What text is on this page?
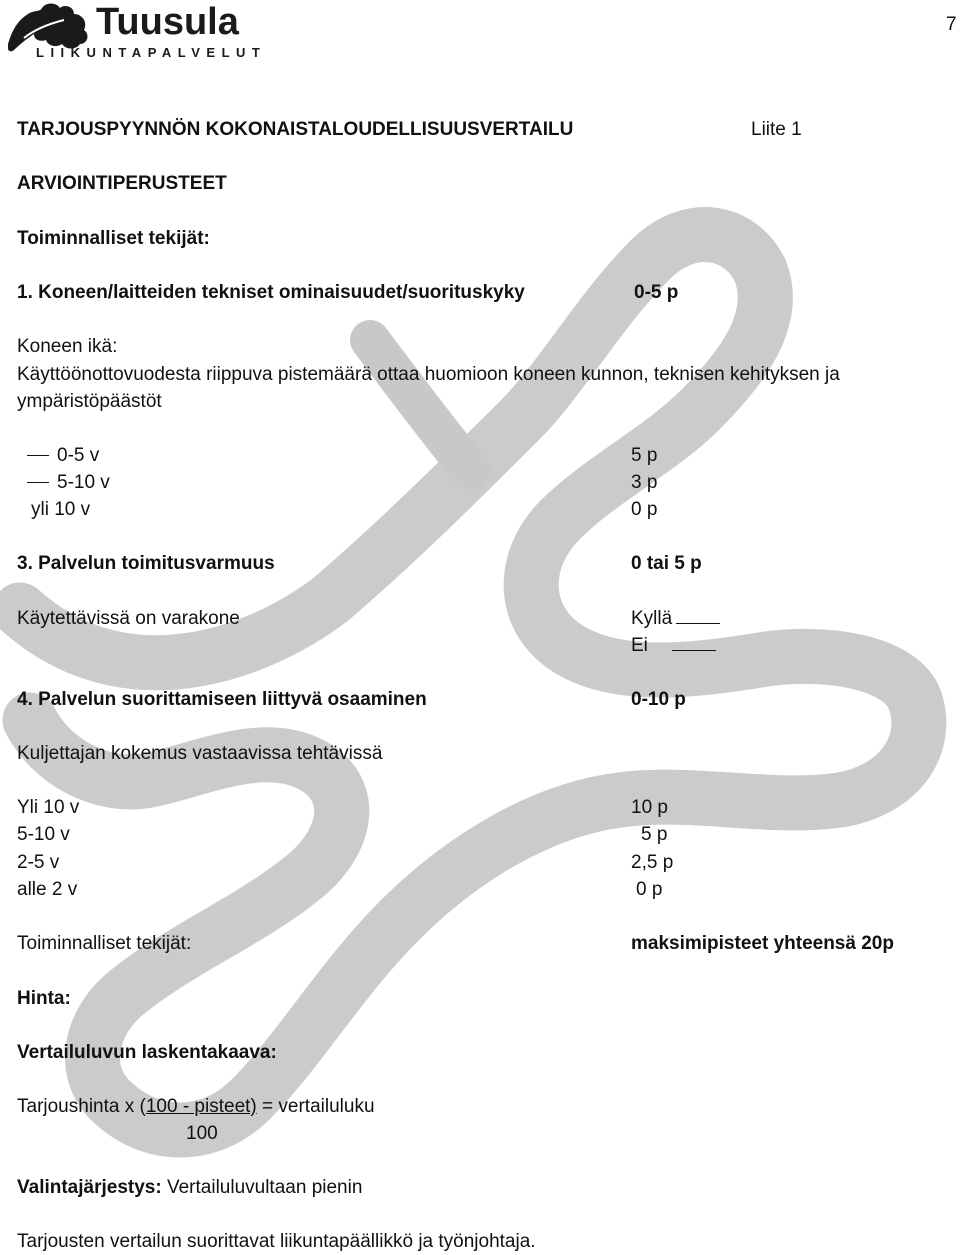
Tuusula
LIIKUNTAPALVELUT
7
TARJOUSPYYNNÖN KOKONAISTALOUDELLISUUSVERTAILU	Liite 1
ARVIOINTIPERUSTEET
Toiminnalliset tekijät:
1. Koneen/laitteiden tekniset ominaisuudet/suorituskyky	0-5 p
Koneen ikä:
Käyttöönottovuodesta riippuva pistemäärä ottaa huomioon koneen kunnon, teknisen kehityksen ja
ympäristöpäästöt
0-5 v	5 p
5-10 v	3 p
yli 10 v	0 p
3. Palvelun toimitusvarmuus	0 tai 5 p
Käytettävissä on varakone	Kyllä
Ei
4. Palvelun suorittamiseen liittyvä osaaminen	0-10 p
Kuljettajan kokemus vastaavissa tehtävissä
Yli 10 v	10 p
5-10 v	5 p
2-5 v	2,5 p
alle 2 v	0 p
Toiminnalliset tekijät:	maksimipisteet yhteensä 20p
Hinta:
Vertailuluvun laskentakaava:
Tarjoushinta x (100 - pisteet) = vertailuluku
100
Valintajärjestys: Vertailuluvultaan pienin
Tarjousten vertailun suorittavat liikuntapäällikkö ja työnjohtaja.
